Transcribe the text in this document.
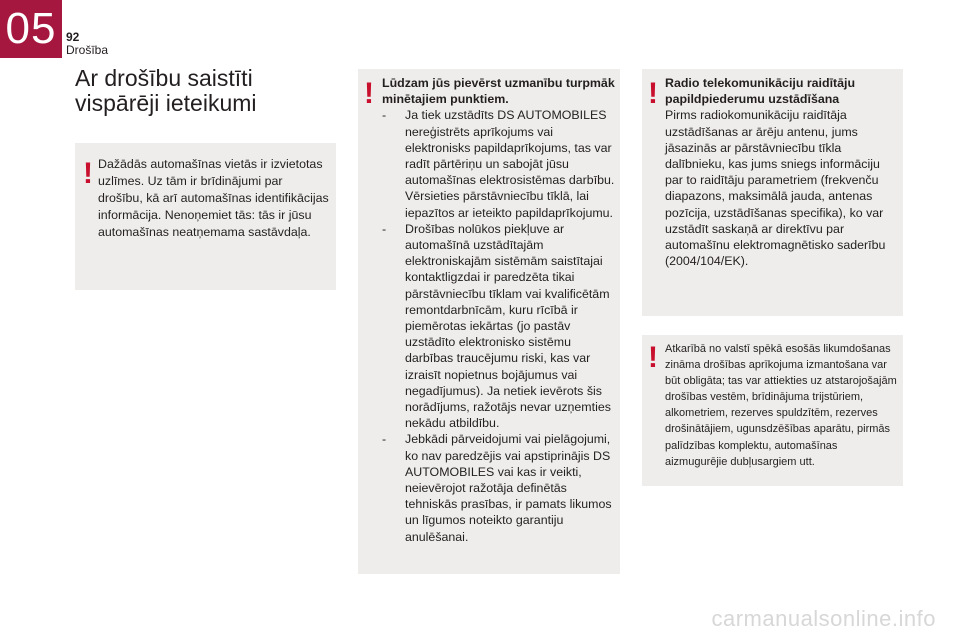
05 92
Drošība
Ar drošību saistīti
vispārēji ieteikumi
! Dažādās automašīnas vietās ir izvietotas uzlīmes. Uz tām ir brīdinājumi par drošību, kā arī automašīnas identifikācijas informācija. Nenoņemiet tās: tās ir jūsu automašīnas neatņemama sastāvdaļa.

! Lūdzam jūs pievērst uzmanību turpmāk minētajiem punktiem.

- Ja tiek uzstādīts DS AUTOMOBILES nereģistrēts aprīkojums vai elektronisks papildaprīkojums, tas var radīt pārtēriņu un sabojāt jūsu automašīnas elektrosistēmas darbību. Vērsieties pārstāvniecību tīklā, lai iepazītos ar ieteikto papildaprīkojumu.
- Drošības nolūkos piekļuve ar automašīnā uzstādītajām elektroniskajām sistēmām saistītajai kontaktligzdai ir paredzēta tikai pārstāvniecību tīklam vai kvalificētām remontdarbnīcām, kuru rīcībā ir piemērotas iekārtas (jo pastāv uzstādīto elektronisko sistēmu darbības traucējumu riski, kas var izraisīt nopietnus bojājumus vai negadījumus). Ja netiek ievērots šis norādījums, ražotājs nevar uzņemties nekādu atbildību.
- Jebkādi pārveidojumi vai pielāgojumi, ko nav paredzējis vai apstiprinājis DS AUTOMOBILES vai kas ir veikti, neievērojot ražotāja definētās tehniskās prasības, ir pamats likumos un līgumos noteikto garantiju anulēšanai.
! Radio telekomunikāciju raidītāju papildpiederumu uzstādīšana

Pirms radiokomunikāciju raidītāja uzstādīšanas ar ārēju antenu, jums jāsazinās ar pārstāvniecību tīkla dalībnieku, kas jums sniegs informāciju par to raidītāju parametriem (frekvenču diapazons, maksimālā jauda, antenas pozīcija, uzstādīšanas specifika), ko var uzstādīt saskaņā ar direktīvu par automašīnu elektromagnētisko saderību (2004/104/EK).

! Atkarībā no valstī spēkā esošās likumdošanas zināma drošības aprīkojuma izmantošana var būt obligāta; tas var attiekties uz atstarojošajām drošības vestēm, brīdinājuma trijstūriem, alkometriem, rezerves spuldzītēm, rezerves drošinātājiem, ugunsdzēšības aparātu, pirmās palīdzības komplektu, automašīnas aizmugurējie dubļusargiem utt.

carmanualsonline.info
